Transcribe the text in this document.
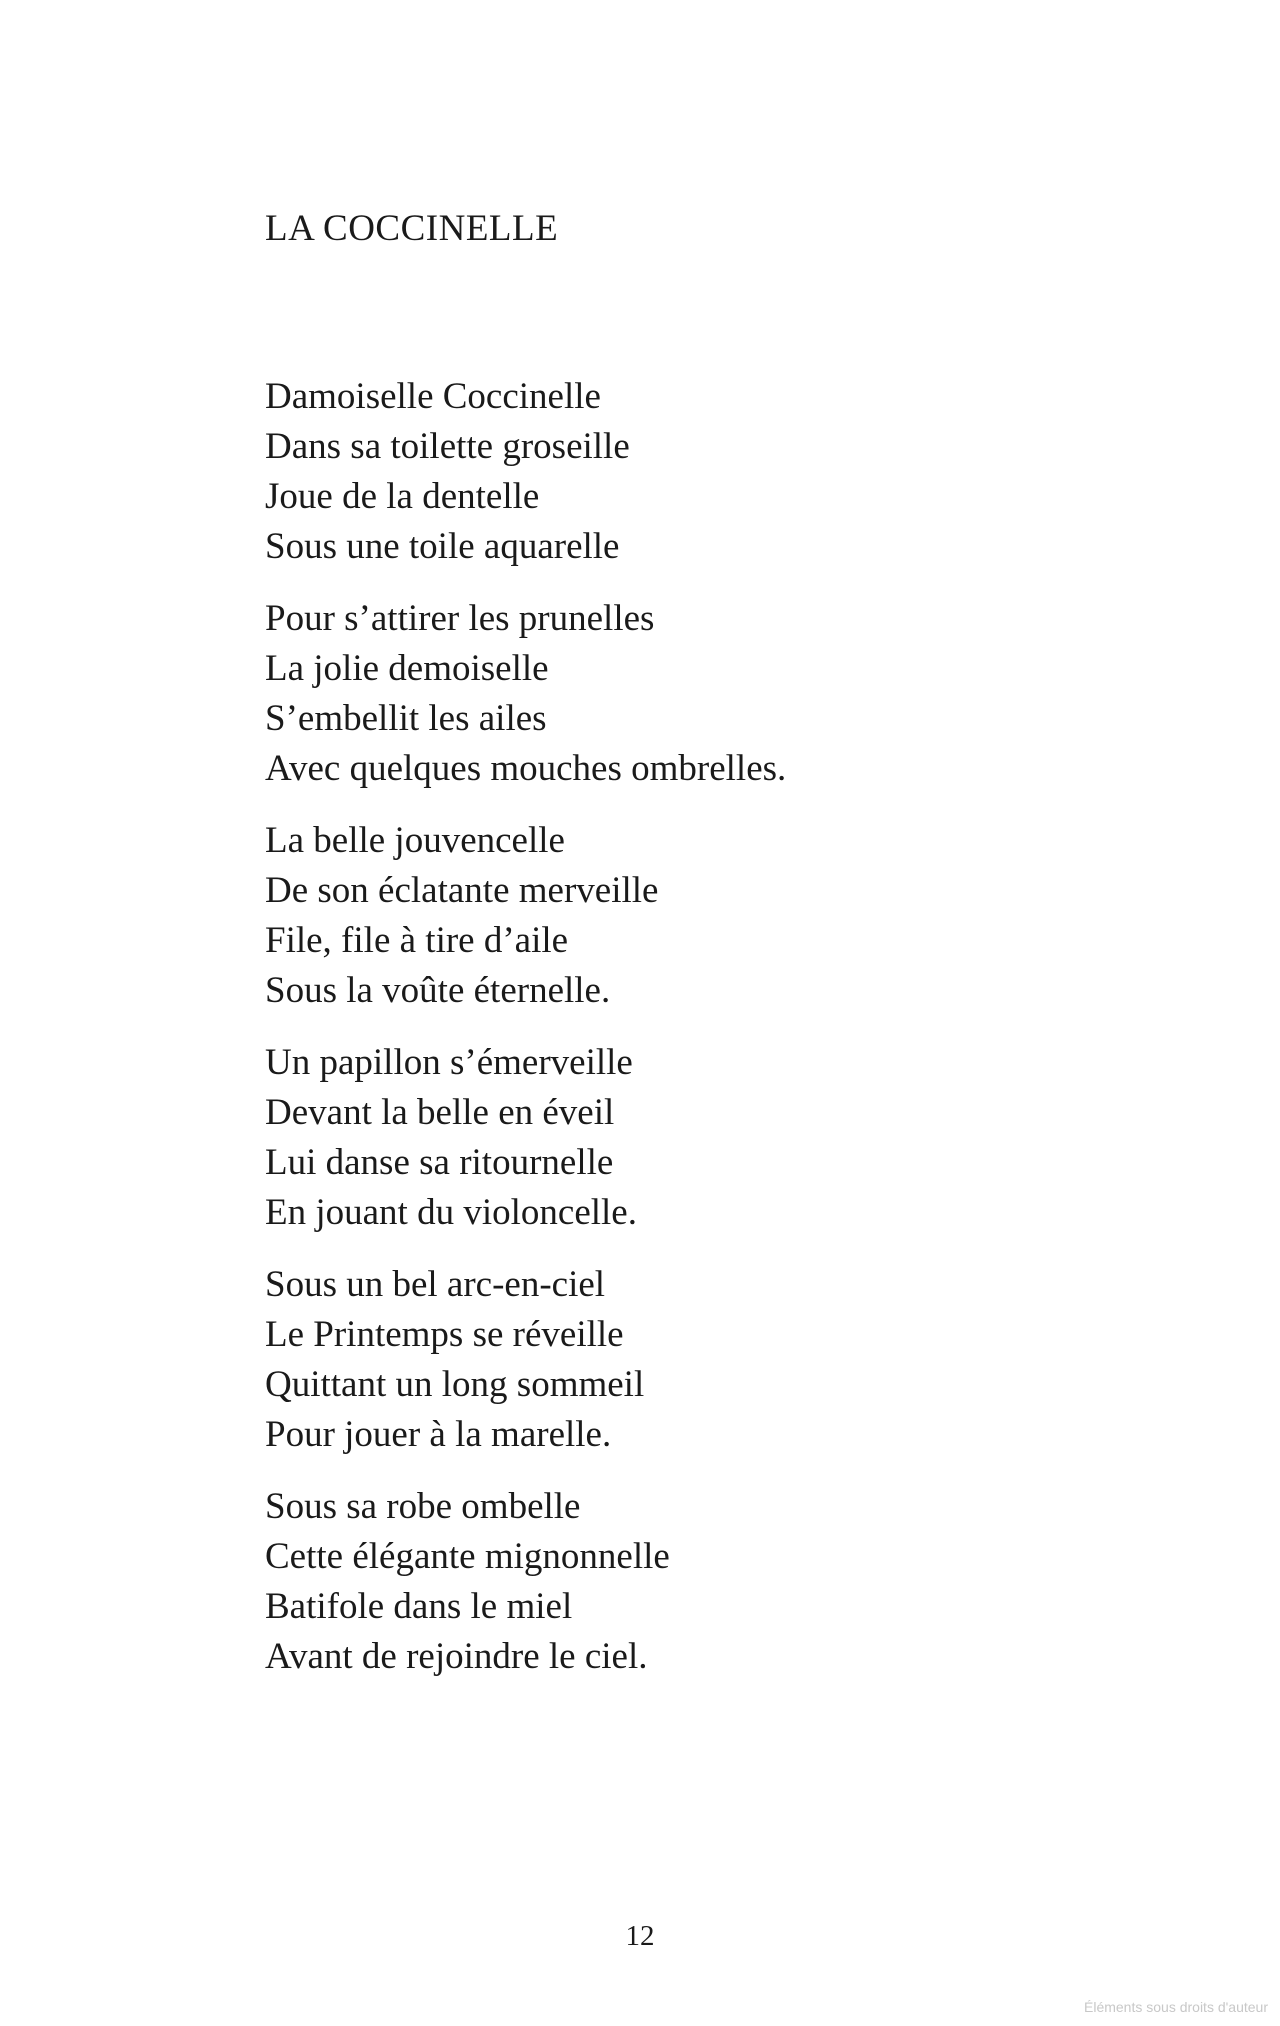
LA COCCINELLE
Damoiselle Coccinelle
Dans sa toilette groseille
Joue de la dentelle
Sous une toile aquarelle
Pour s’attirer les prunelles
La jolie demoiselle
S’embellit les ailes
Avec quelques mouches ombrelles.
La belle jouvencelle
De son éclatante merveille
File, file à tire d’aile
Sous la voûte éternelle.
Un papillon s’émerveille
Devant la belle en éveil
Lui danse sa ritournelle
En jouant du violoncelle.
Sous un bel arc-en-ciel
Le Printemps se réveille
Quittant un long sommeil
Pour jouer à la marelle.
Sous sa robe ombelle
Cette élégante mignonnelle
Batifole dans le miel
Avant de rejoindre le ciel.
12
Éléments sous droits d'auteur
